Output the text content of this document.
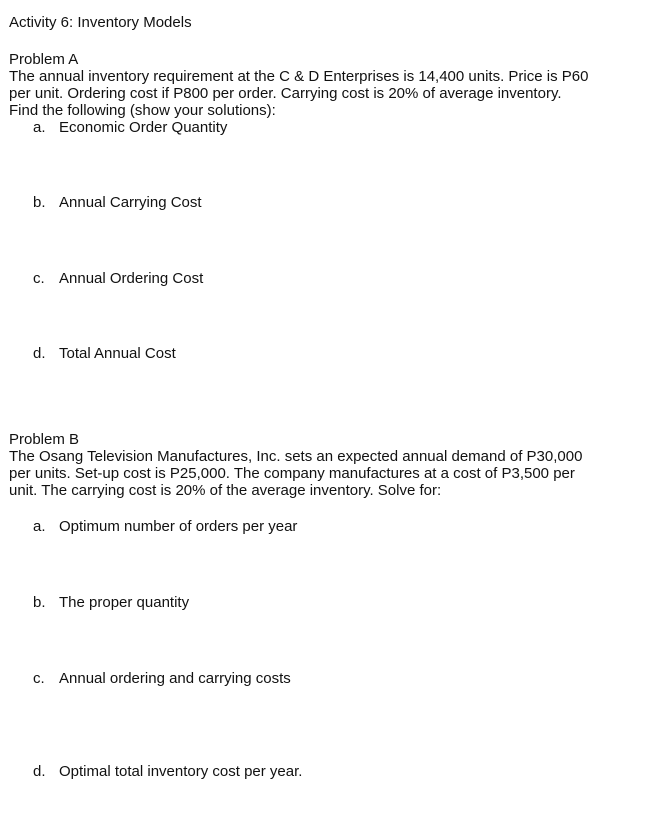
Activity 6: Inventory Models
Problem A
The annual inventory requirement at the C & D Enterprises is 14,400 units. Price is P60
per unit. Ordering cost if P800 per order. Carrying cost is 20% of average inventory.
Find the following (show your solutions):
a. Economic Order Quantity
b. Annual Carrying Cost
c. Annual Ordering Cost
d. Total Annual Cost
Problem B
The Osang Television Manufactures, Inc. sets an expected annual demand of P30,000
per units. Set-up cost is P25,000. The company manufactures at a cost of P3,500 per
unit. The carrying cost is 20% of the average inventory. Solve for:
a. Optimum number of orders per year
b. The proper quantity
c. Annual ordering and carrying costs
d. Optimal total inventory cost per year.
